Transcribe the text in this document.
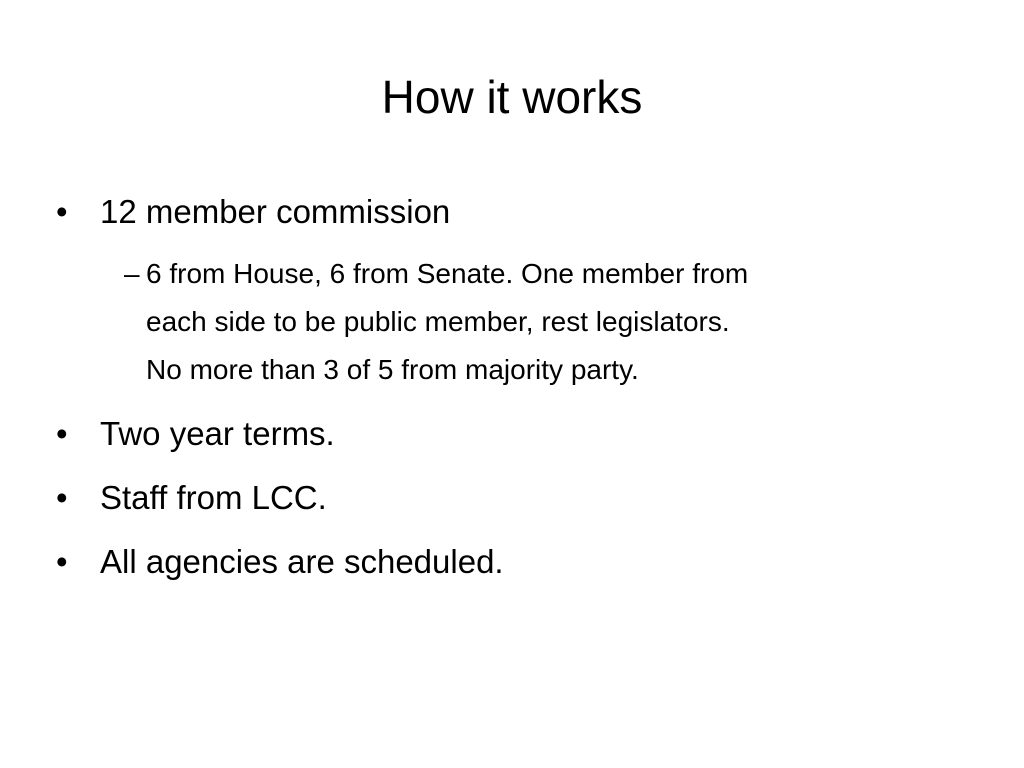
How it works
• 12 member commission
– 6 from House, 6 from Senate. One member from
each side to be public member, rest legislators.
No more than 3 of 5 from majority party.
• Two year terms.
• Staff from LCC.
• All agencies are scheduled.
